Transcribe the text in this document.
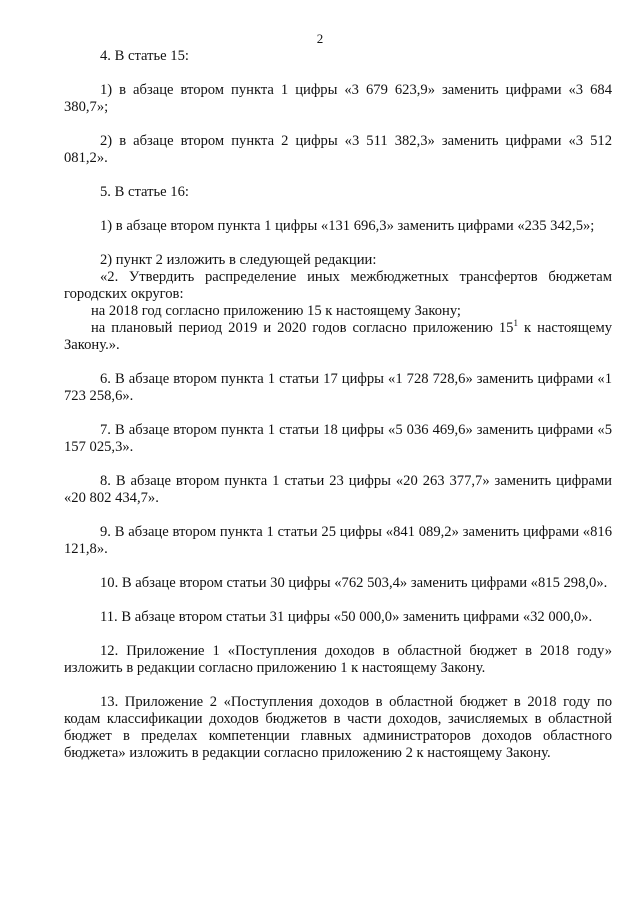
2

4. В статье 15:

1) в абзаце втором пункта 1 цифры «3 679 623,9» заменить цифрами «3 684 380,7»;

2) в абзаце втором пункта 2 цифры «3 511 382,3» заменить цифрами «3 512 081,2».

5. В статье 16:

1) в абзаце втором пункта 1 цифры «131 696,3» заменить цифрами «235 342,5»;

2) пункт 2 изложить в следующей редакции:

«2. Утвердить распределение иных межбюджетных трансфертов бюджетам городских округов:

на 2018 год согласно приложению 15 к настоящему Закону;

на плановый период 2019 и 2020 годов согласно приложению $15^1$ к настоящему Закону.».

6. В абзаце втором пункта 1 статьи 17 цифры «1 728 728,6» заменить цифрами «1 723 258,6».

7. В абзаце втором пункта 1 статьи 18 цифры «5 036 469,6» заменить цифрами «5 157 025,3».

8. В абзаце втором пункта 1 статьи 23 цифры «20 263 377,7» заменить цифрами «20 802 434,7».

9. В абзаце втором пункта 1 статьи 25 цифры «841 089,2» заменить цифрами «816 121,8».

10. В абзаце втором статьи 30 цифры «762 503,4» заменить цифрами «815 298,0».

11. В абзаце втором статьи 31 цифры «50 000,0» заменить цифрами «32 000,0».

12. Приложение 1 «Поступления доходов в областной бюджет в 2018 году» изложить в редакции согласно приложению 1 к настоящему Закону.

13. Приложение 2 «Поступления доходов в областной бюджет в 2018 году по кодам классификации доходов бюджетов в части доходов, зачисляемых в областной бюджет в пределах компетенции главных администраторов доходов областного бюджета» изложить в редакции согласно приложению 2 к настоящему Закону.
